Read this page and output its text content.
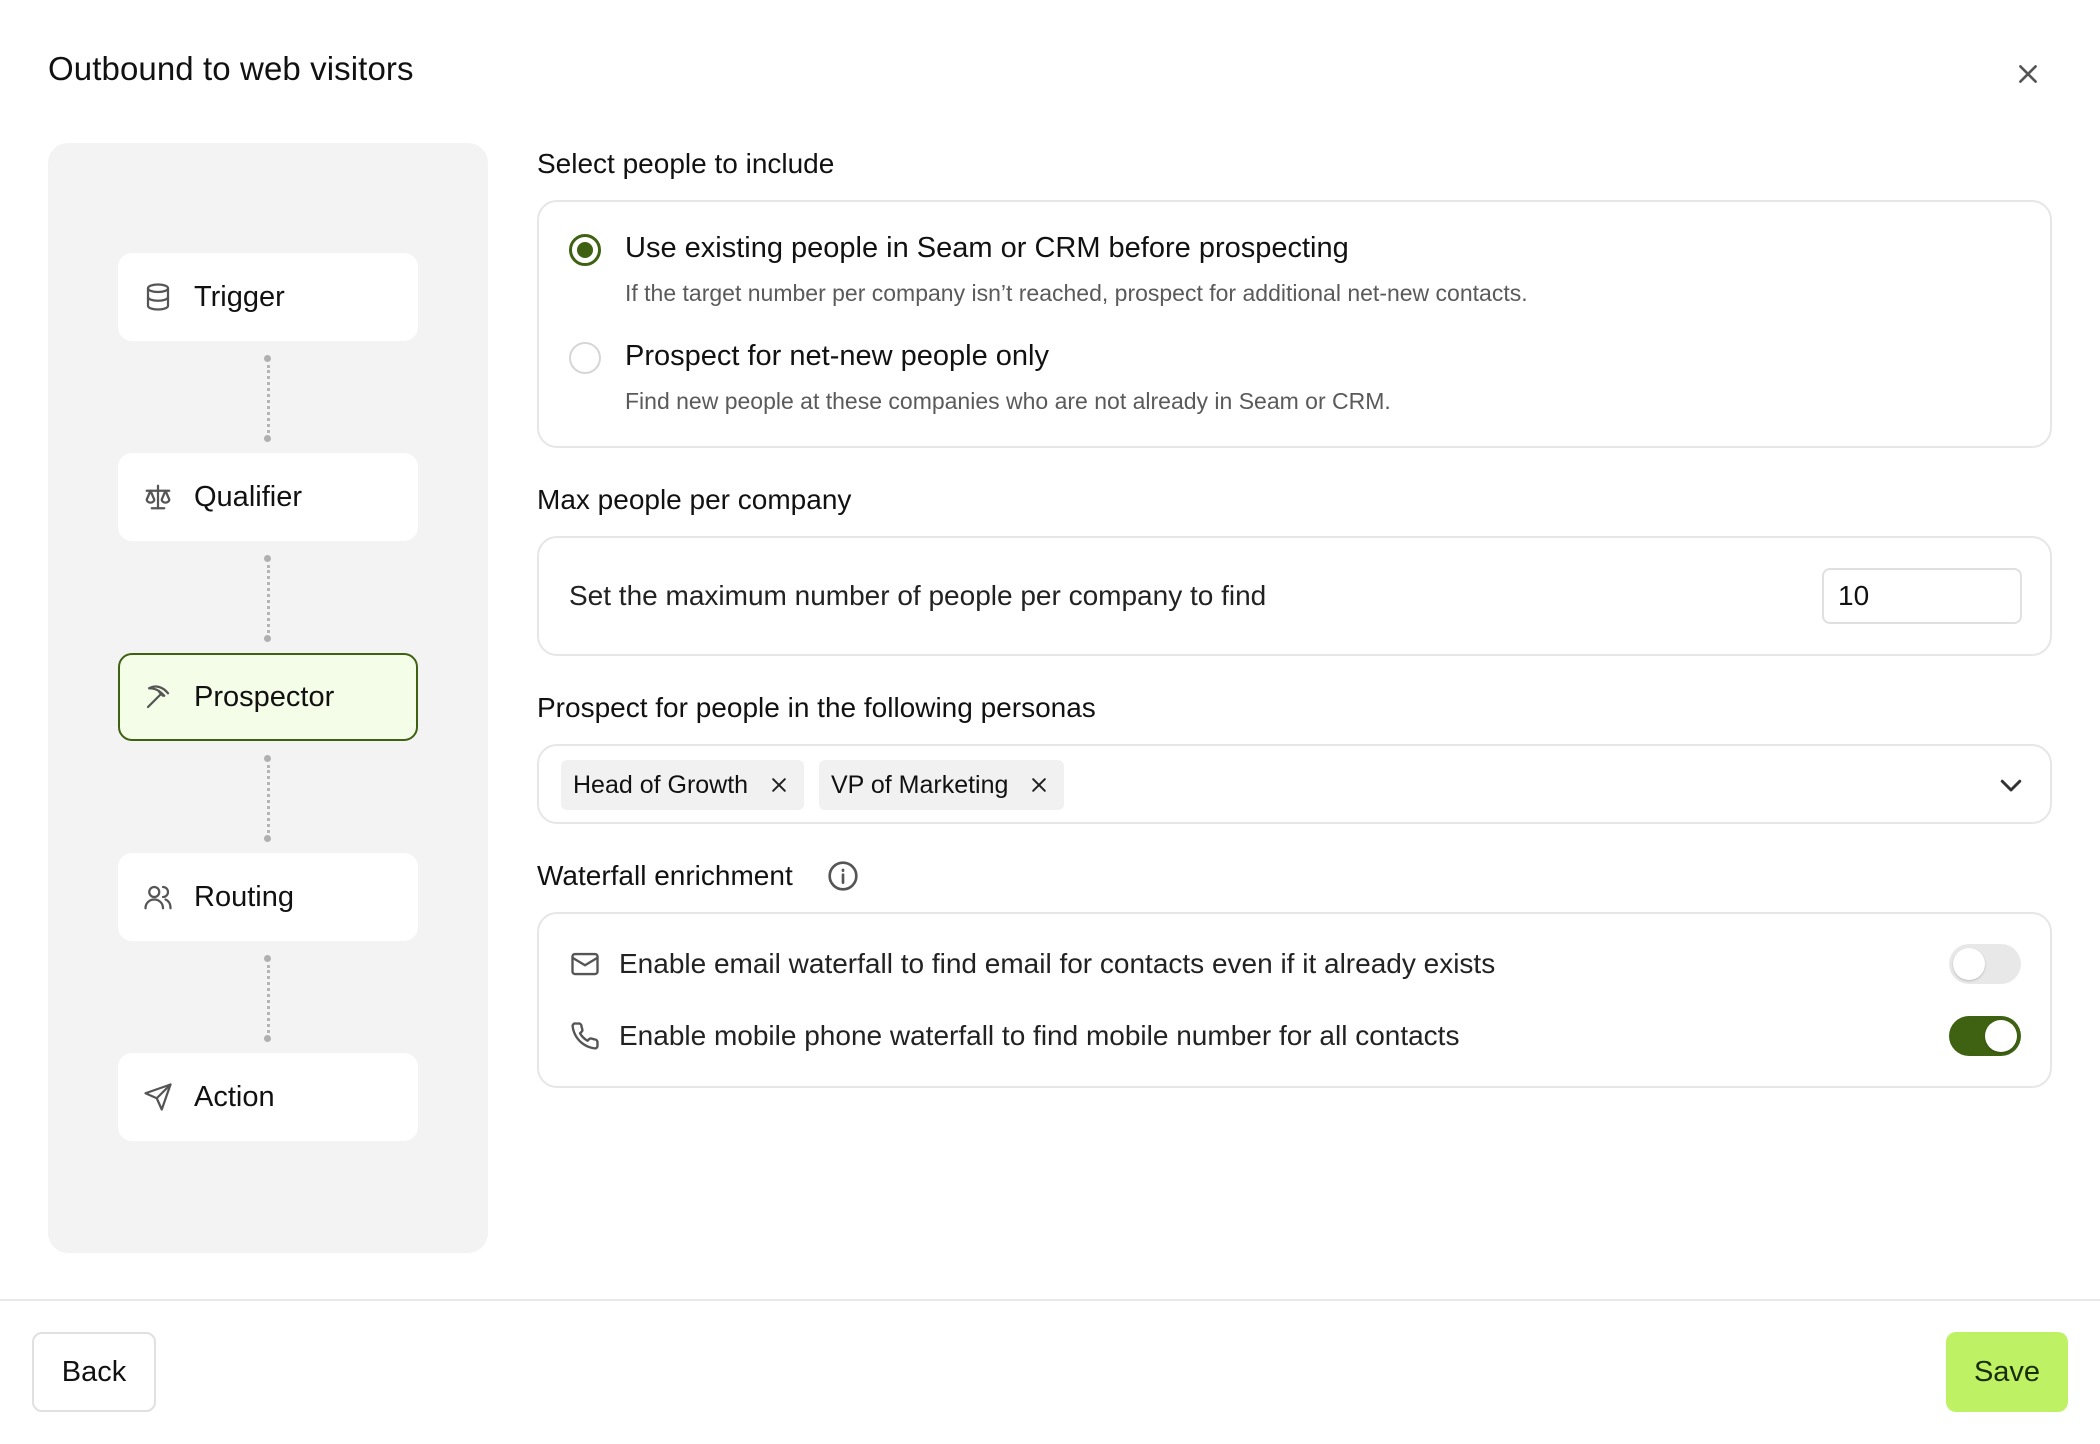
Outbound to web visitors
Trigger
Qualifier
Prospector
Routing
Action
Select people to include
Use existing people in Seam or CRM before prospecting
If the target number per company isn’t reached, prospect for additional net-new contacts.
Prospect for net-new people only
Find new people at these companies who are not already in Seam or CRM.
Max people per company
Set the maximum number of people per company to find
10
Prospect for people in the following personas
Head of Growth	VP of Marketing
Waterfall enrichment
Enable email waterfall to find email for contacts even if it already exists
Enable mobile phone waterfall to find mobile number for all contacts
Back	Save
